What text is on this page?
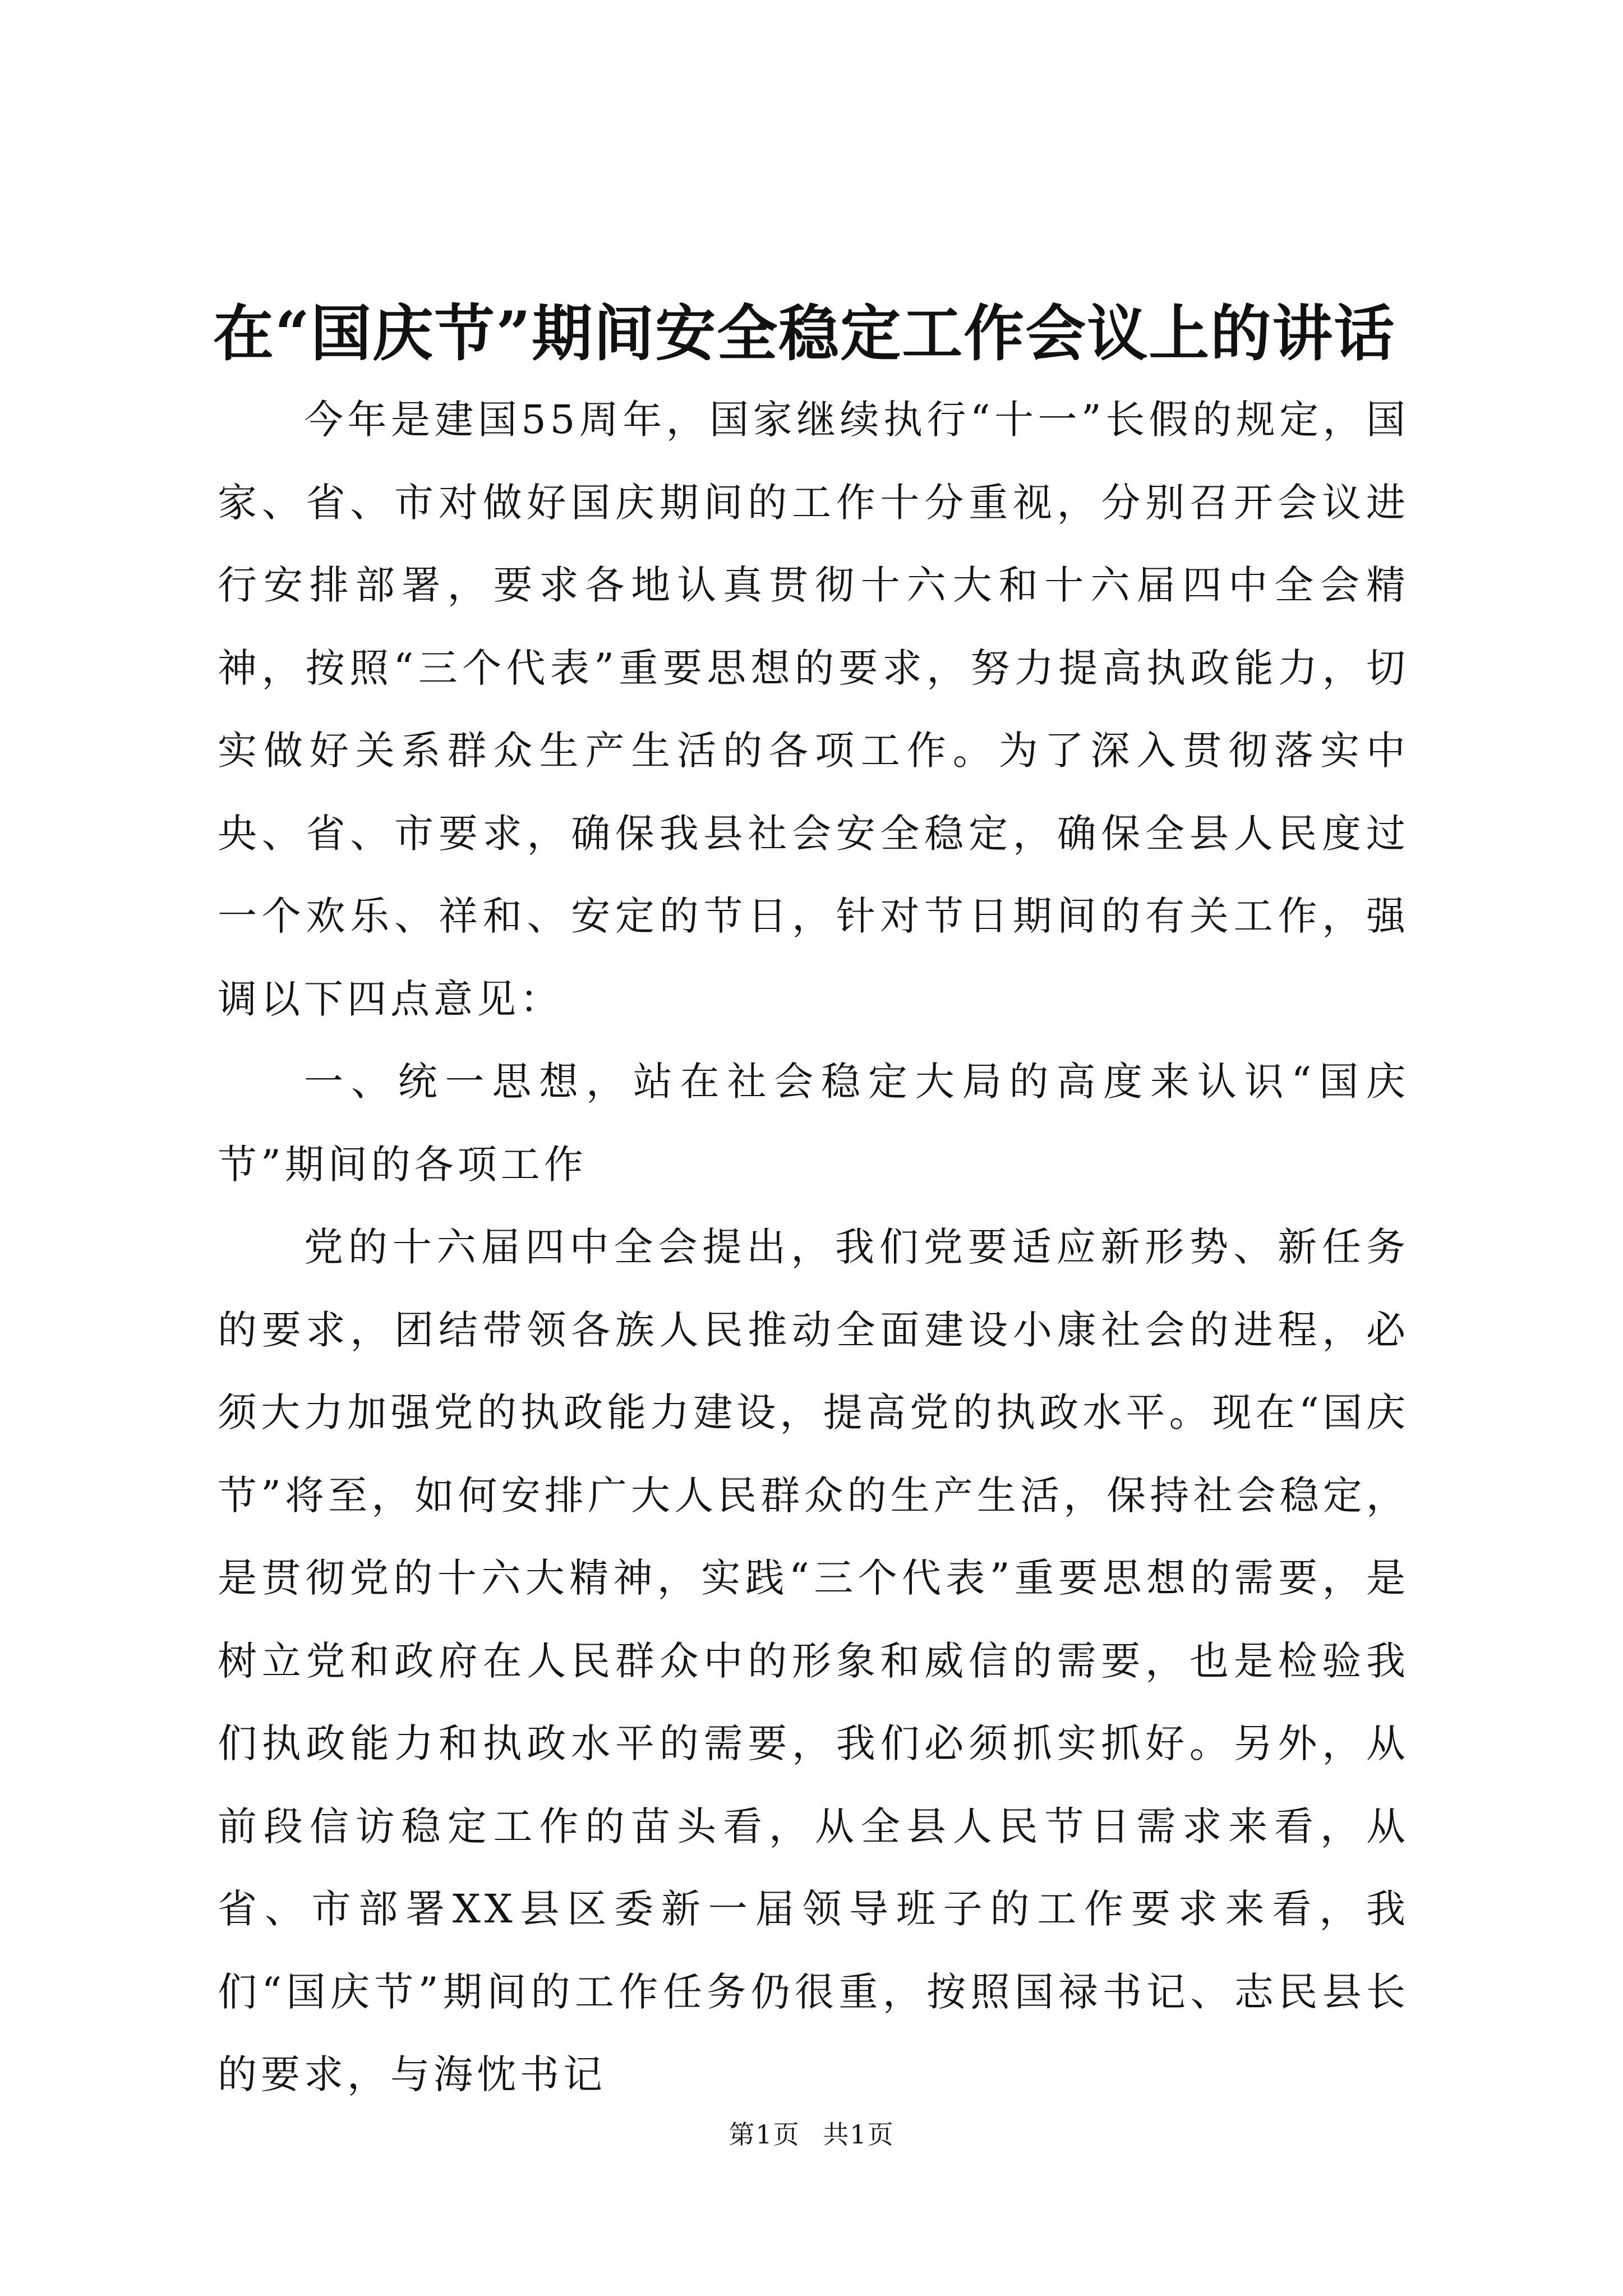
在“国庆节”期间安全稳定工作会议上的讲话

今年是建国55周年，国家继续执行“十一”长假的规定，国家、省、市对做好国庆期间的工作十分重视，分别召开会议进行安排部署，要求各地认真贯彻十六大和十六届四中全会精神，按照“三个代表”重要思想的要求，努力提高执政能力，切实做好关系群众生产生活的各项工作。为了深入贯彻落实中央、省、市要求，确保我县社会安全稳定，确保全县人民度过一个欢乐、祥和、安定的节日，针对节日期间的有关工作，强调以下四点意见：

一、统一思想，站在社会稳定大局的高度来认识“国庆节”期间的各项工作

党的十六届四中全会提出，我们党要适应新形势、新任务的要求，团结带领各族人民推动全面建设小康社会的进程，必须大力加强党的执政能力建设，提高党的执政水平。现在“国庆节”将至，如何安排广大人民群众的生产生活，保持社会稳定，是贯彻党的十六大精神，实践“三个代表”重要思想的需要，是树立党和政府在人民群众中的形象和威信的需要，也是检验我们执政能力和执政水平的需要，我们必须抓实抓好。另外，从前段信访稳定工作的苗头看，从全县人民节日需求来看，从省、市部署XX县区委新一届领导班子的工作要求来看，我们“国庆节”期间的工作任务仍很重，按照国禄书记、志民县长的要求，与海忱书记

第1页 共1页
